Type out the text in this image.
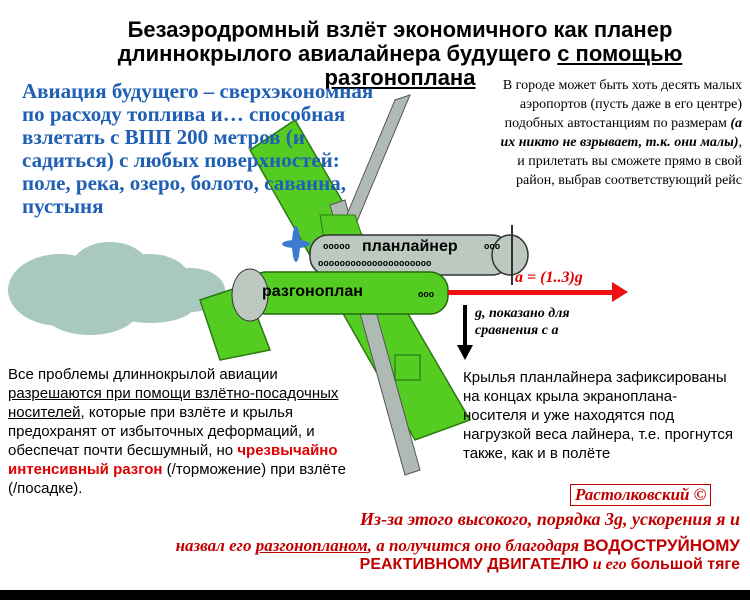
Безаэродромный взлёт экономичного как планер
длиннокрылого авиалайнера будущего с помощью
разгоноплана
планлайнер
разгоноплан
ooooo	ooo
ooooooooooooooooooooo
ooo
Авиация будущего – сверхэкономная по расходу топлива и… способная взлетать с ВПП 200 метров (и садиться) с любых поверхностей: поле, река, озеро, болото, саванна, пустыня
В городе может быть хоть десять малых аэропортов (пусть даже в его центре) подобных автостанциям по размерам (а их никто не взрывает, т.к. они малы), и прилетать вы сможете прямо в свой район, выбрав соответствующий рейс
a = (1..3)g
g, показано для сравнения с a
Все проблемы длиннокрылой авиации разрешаются при помощи взлётно-посадочных носителей, которые при взлёте и крылья предохранят от избыточных деформаций, и обеспечат почти бесшумный, но чрезвычайно интенсивный разгон (/торможение) при взлёте (/посадке).
Крылья планлайнера зафиксированы на концах крыла экраноплана-носителя и уже находятся под нагрузкой веса лайнера, т.е. прогнутся также, как и в полёте
Растолковский ©
Из-за этого высокого, порядка 3g, ускорения я и
назвал его разгонопланом, а получится оно благодаря ВОДОСТРУЙНОМУ
РЕАКТИВНОМУ ДВИГАТЕЛЮ и его большой тяге
